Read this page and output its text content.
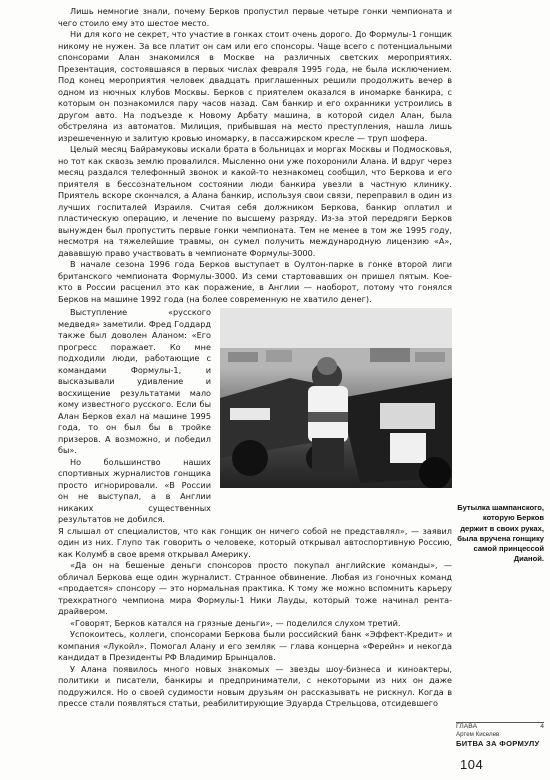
Лишь немногие знали, почему Берков пропустил первые четыре гонки чемпионата и чего стоило ему это шестое место.

Ни для кого не секрет, что участие в гонках стоит очень дорого. До Формулы-1 гонщик никому не нужен. За все платит он сам или его спонсоры. Чаще всего с потенциальными спонсорами Алан знакомился в Москве на различных светских мероприятиях. Презентация, состоявшаяся в первых числах февраля 1995 года, не была исключением. Под конец мероприятия человек двадцать приглашенных решили продолжить вечер в одном из нючных клубов Москвы. Берков с приятелем оказался в иномарке банкира, с которым он познакомился пару часов назад. Сам банкир и его охранники устроились в другом авто. На подъезде к Новому Арбату машина, в которой сидел Алан, была обстреляна из автоматов. Милиция, прибывшая на место преступления, нашла лишь изрешеченную и залитую кровью иномарку, в пассажирском кресле — труп шофера.

Целый месяц Байрамуковы искали брата в больницах и моргах Москвы и Подмосковья, но тот как сквозь землю провалился. Мысленно они уже похоронили Алана. И вдруг через месяц раздался телефонный звонок и какой-то незнакомец сообщил, что Беркова и его приятеля в бессознательном состоянии люди банкира увезли в частную клинику. Приятель вскоре скончался, а Алана банкир, используя свои связи, переправил в один из лучших госпиталей Израиля. Считая себя должником Беркова, банкир оплатил и пластическую операцию, и лечение по высшему разряду. Из-за этой передряги Берков вынужден был пропустить первые гонки чемпионата. Тем не менее в том же 1995 году, несмотря на тяжелейшие травмы, он сумел получить международную лицензию «А», дававшую право участвовать в чемпионате Формулы-3000.

В начале сезона 1996 года Берков выступает в Оултон-парке в гонке второй лиги британского чемпионата Формулы-3000. Из семи стартовавших он пришел пятым. Кое-кто в России расценил это как поражение, в Англии — наоборот, потому что гонялся Берков на машине 1992 года (на более современную не хватило денег).

Выступление «русского медведя» заметили. Фред Годдард также был доволен Аланом: «Его прогресс поражает. Ко мне подходили люди, работающие с командами Формулы-1, и высказывали удивление и восхищение результатами мало кому известного русского. Если бы Алан Берков ехал на машине 1995 года, то он был бы в тройке призеров. А возможно, и победил бы».

Но большинство наших спортивных журналистов гонщика просто игнорировали. «В России он не выступал, а в Англии никаких существенных результатов не добился.

Я слышал от специалистов, что как гонщик он ничего собой не представлял», — заявил один из них. Глупо так говорить о человеке, который открывал автоспортивную Россию, как Колумб в свое время открывал Америку.

«Да он на бешеные деньги спонсоров просто покупал английские команды», — обличал Беркова еще один журналист. Странное обвинение. Любая из гоночных команд «продается» спонсору — это нормальная практика. К тому же можно вспомнить карьеру трехкратного чемпиона мира Формулы-1 Ники Лауды, который тоже начинал рента-драйвером.

«Говорят, Берков катался на грязные деньги», — поделился слухом третий.

Успокоитесь, коллеги, спонсорами Беркова были российский банк «Эффект-Кредит» и компания «Лукойл». Помогал Алану и его земляк — глава концерна «Ферейн» и некогда кандидат в Президенты РФ Владимир Брынцалов.

У Алана появилось много новых знакомых — звезды шоу-бизнеса и кинoактеры, политики и писатели, банкиры и предприниматели, с некоторыми из них он даже подружился. Но о своей судимости новым друзьям он рассказывать не рискнул. Когда в прессе стали появляться статьи, реабилитирующие Эдуарда Стрельцова, отсидевшего

Бутылка шампанского, которую Берков держит в своих руках, была вручена гонщику самой принцессой Дианой.
ГЛАВА	4
Артем Киселев
БИТВА ЗА ФОРМУЛУ
104
